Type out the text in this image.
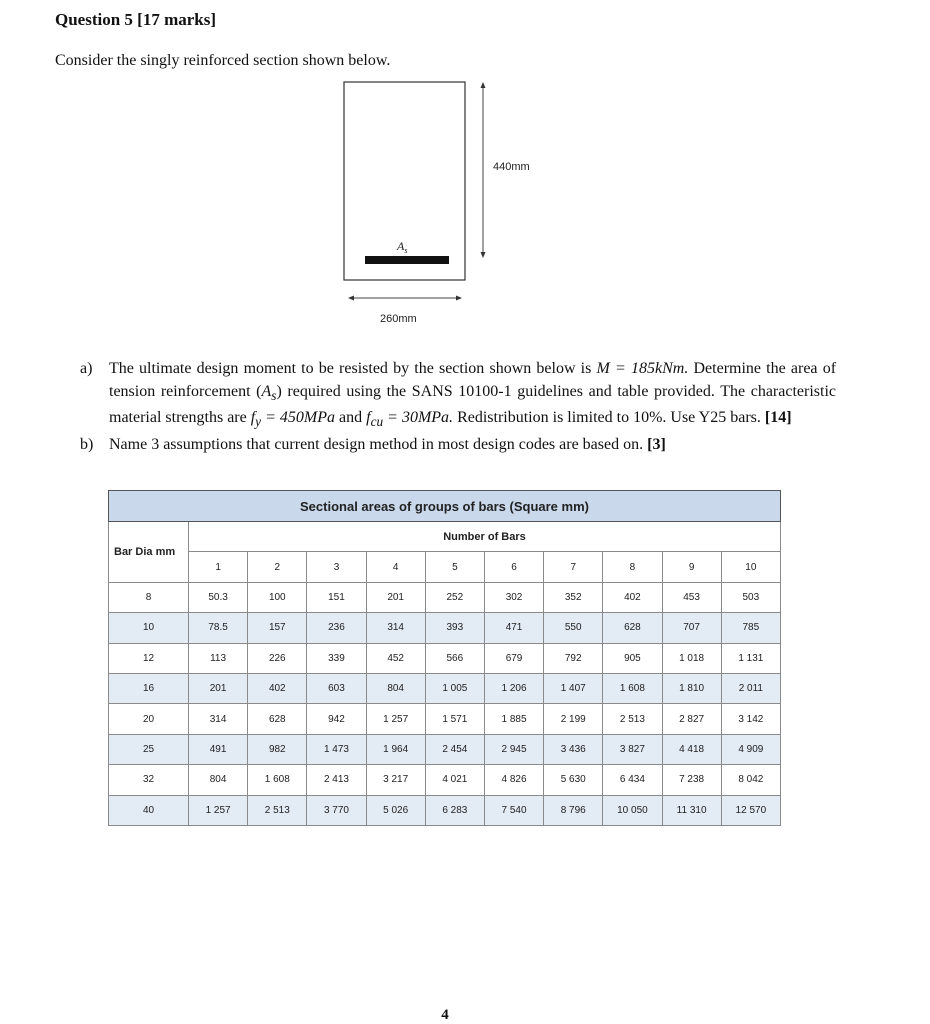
Question 5 [17 marks]
Consider the singly reinforced section shown below.
$A_s$
440mm
260mm
a) The ultimate design moment to be resisted by the section shown below is M = 185kNm. Determine the area of tension reinforcement $(A_s)$ required using the SANS 10100-1 guidelines and table provided. The characteristic material strengths are $f_y = 450MPa$ and $f_{cu} = 30MPa$. Redistribution is limited to 10%. Use Y25 bars. [14]
b) Name 3 assumptions that current design method in most design codes are based on. [3]
Sectional areas of groups of bars (Square mm)										
Bar Dia mm	Number of Bars									
	1	2	3	4	5	6	7	8	9	10
8	50.3	100	151	201	252	302	352	402	453	503
10	78.5	157	236	314	393	471	550	628	707	785
12	113	226	339	452	566	679	792	905	1 018	1 131
16	201	402	603	804	1 005	1 206	1 407	1 608	1 810	2 011
20	314	628	942	1 257	1 571	1 885	2 199	2 513	2 827	3 142
25	491	982	1 473	1 964	2 454	2 945	3 436	3 827	4 418	4 909
32	804	1 608	2 413	3 217	4 021	4 826	5 630	6 434	7 238	8 042
40	1 257	2 513	3 770	5 026	6 283	7 540	8 796	10 050	11 310	12 570
4
